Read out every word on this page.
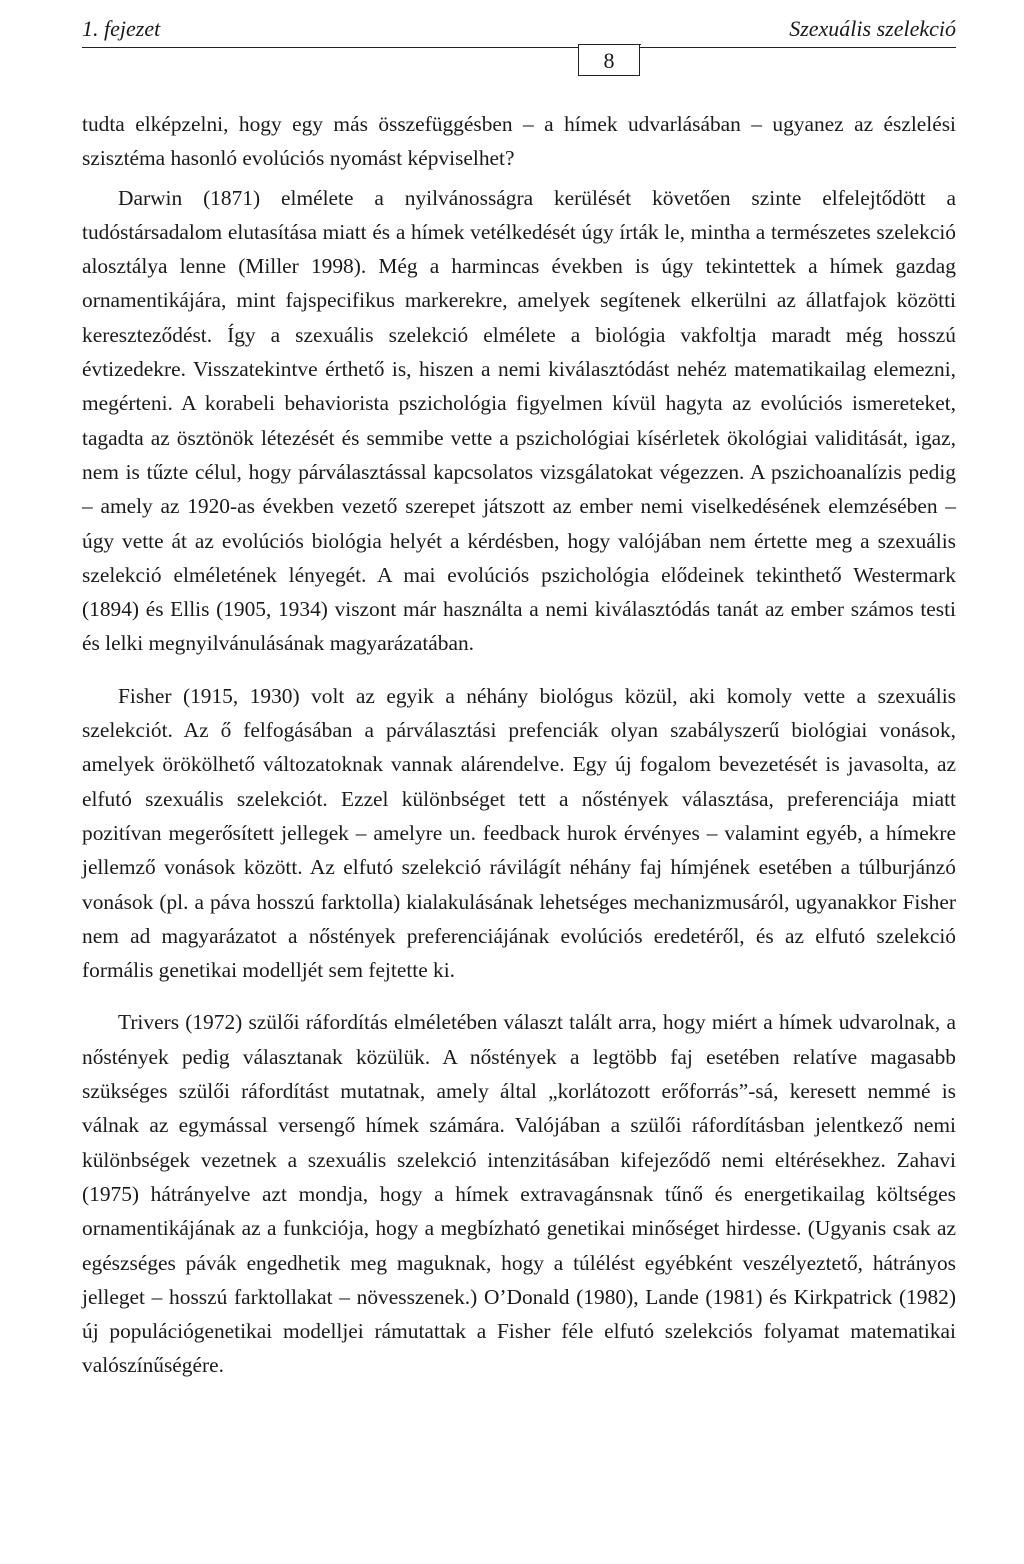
1. fejezet	Szexuális szelekció
8

tudta elképzelni, hogy egy más összefüggésben – a hímek udvarlásában – ugyanez az észlelési szisztéma hasonló evolúciós nyomást képviselhet?

Darwin (1871) elmélete a nyilvánosságra kerülését követően szinte elfelejtődött a tudóstársadalom elutasítása miatt és a hímek vetélkedését úgy írták le, mintha a természetes szelekció alosztálya lenne (Miller 1998). Még a harmincas években is úgy tekintettek a hímek gazdag ornamentikájára, mint fajspecifikus markerekre, amelyek segítenek elkerülni az állatfajok közötti kereszteződést. Így a szexuális szelekció elmélete a biológia vakfoltja maradt még hosszú évtizedekre. Visszatekintve érthető is, hiszen a nemi kiválasztódást nehéz matematikailag elemezni, megérteni. A korabeli behaviorista pszichológia figyelmen kívül hagyta az evolúciós ismereteket, tagadta az ösztönök létezését és semmibe vette a pszichológiai kísérletek ökológiai validitását, igaz, nem is tűzte célul, hogy párválasztással kapcsolatos vizsgálatokat végezzen. A pszichoanalízis pedig – amely az 1920-as években vezető szerepet játszott az ember nemi viselkedésének elemzésében – úgy vette át az evolúciós biológia helyét a kérdésben, hogy valójában nem értette meg a szexuális szelekció elméletének lényegét. A mai evolúciós pszichológia elődeinek tekinthető Westermark (1894) és Ellis (1905, 1934) viszont már használta a nemi kiválasztódás tanát az ember számos testi és lelki megnyilvánulásának magyarázatában.

Fisher (1915, 1930) volt az egyik a néhány biológus közül, aki komoly vette a szexuális szelekciót. Az ő felfogásában a párválasztási prefenciák olyan szabályszerű biológiai vonások, amelyek örökölhető változatoknak vannak alárendelve. Egy új fogalom bevezetését is javasolta, az elfutó szexuális szelekciót. Ezzel különbséget tett a nőstények választása, preferenciája miatt pozitívan megerősített jellegek – amelyre un. feedback hurok érvényes – valamint egyéb, a hímekre jellemző vonások között. Az elfutó szelekció rávilágít néhány faj hímjének esetében a túlburjánzó vonások (pl. a páva hosszú farktolla) kialakulásának lehetséges mechanizmusáról, ugyanakkor Fisher nem ad magyarázatot a nőstények preferenciájának evolúciós eredetéről, és az elfutó szelekció formális genetikai modelljét sem fejtette ki.

Trivers (1972) szülői ráfordítás elméletében választ talált arra, hogy miért a hímek udvarolnak, a nőstények pedig választanak közülük. A nőstények a legtöbb faj esetében relatíve magasabb szükséges szülői ráfordítást mutatnak, amely által „korlátozott erőforrás”-sá, keresett nemmé is válnak az egymással versengő hímek számára. Valójában a szülői ráfordításban jelentkező nemi különbségek vezetnek a szexuális szelekció intenzitásában kifejeződő nemi eltérésekhez. Zahavi (1975) hátrányelve azt mondja, hogy a hímek extravagánsnak tűnő és energetikailag költséges ornamentikájának az a funkciója, hogy a megbízható genetikai minőséget hirdesse. (Ugyanis csak az egészséges pávák engedhetik meg maguknak, hogy a túlélést egyébként veszélyeztető, hátrányos jelleget – hosszú farktollakat – növesszenek.) O’Donald (1980), Lande (1981) és Kirkpatrick (1982) új populációgenetikai modelljei rámutattak a Fisher féle elfutó szelekciós folyamat matematikai valószínűségére.
